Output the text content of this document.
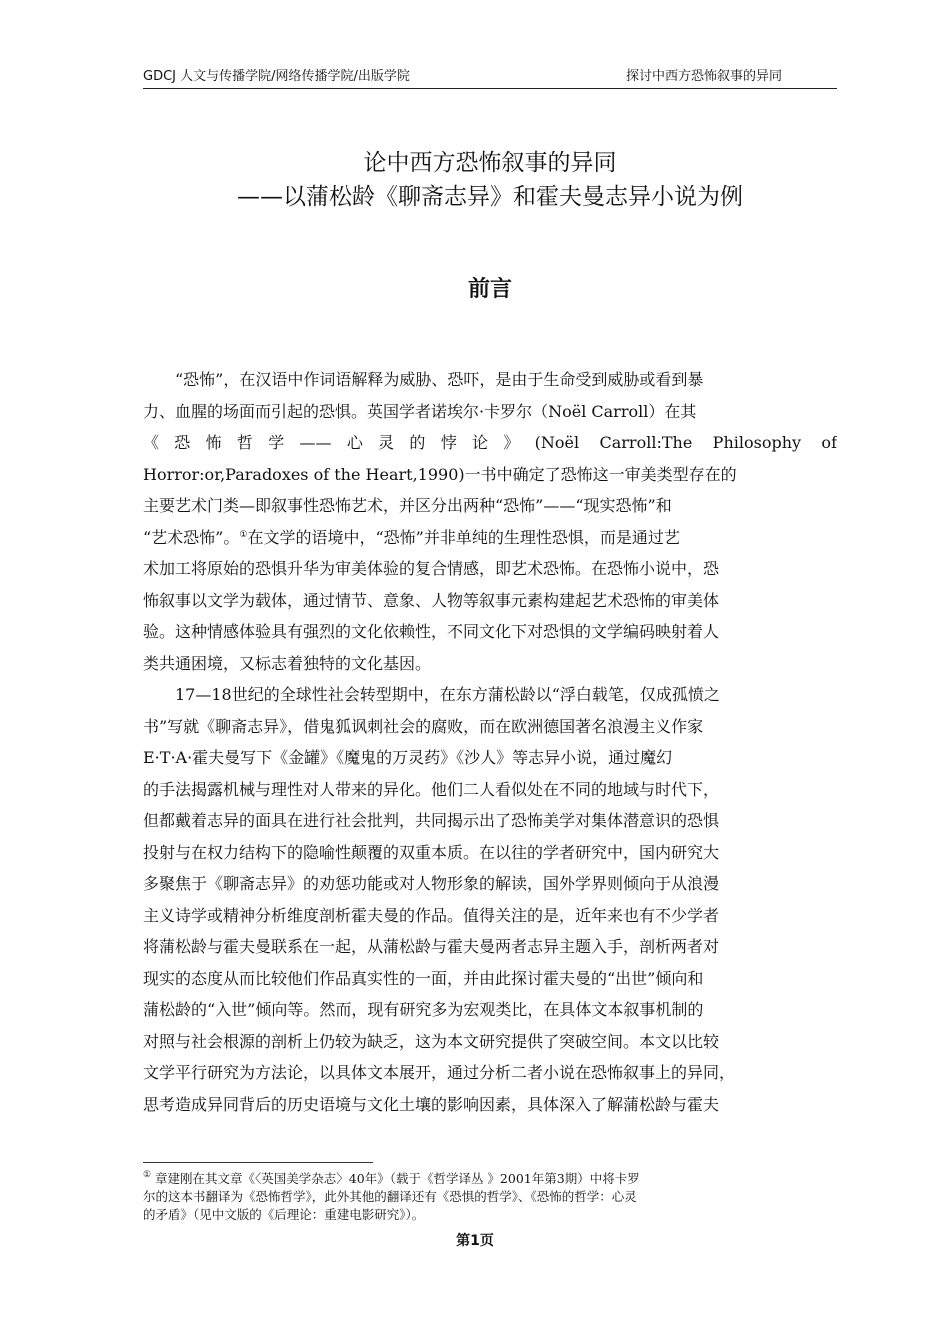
GDCJ 人文与传播学院/网络传播学院/出版学院	探讨中西方恐怖叙事的异同
论中西方恐怖叙事的异同
——以蒲松龄《聊斋志异》和霍夫曼志异小说为例
前言
“恐怖”，在汉语中作词语解释为威胁、恐吓，是由于生命受到威胁或看到暴
力、血腥的场面而引起的恐惧。英国学者诺埃尔·卡罗尔（Noël Carroll）在其
《恐怖哲学——心灵的悖论》(Noël Carroll:The Philosophy of
Horror:or,Paradoxes of the Heart,1990)一书中确定了恐怖这一审美类型存在的
主要艺术门类—即叙事性恐怖艺术，并区分出两种“恐怖”——“现实恐怖”和
“艺术恐怖”。①在文学的语境中，“恐怖”并非单纯的生理性恐惧，而是通过艺
术加工将原始的恐惧升华为审美体验的复合情感，即艺术恐怖。在恐怖小说中，恐
怖叙事以文学为载体，通过情节、意象、人物等叙事元素构建起艺术恐怖的审美体
验。这种情感体验具有强烈的文化依赖性，不同文化下对恐惧的文学编码映射着人
类共通困境，又标志着独特的文化基因。
17—18世纪的全球性社会转型期中，在东方蒲松龄以“浮白载笔，仅成孤愤之
书”写就《聊斋志异》，借鬼狐讽刺社会的腐败，而在欧洲德国著名浪漫主义作家
E·T·A·霍夫曼写下《金罐》《魔鬼的万灵药》《沙人》等志异小说，通过魔幻
的手法揭露机械与理性对人带来的异化。他们二人看似处在不同的地域与时代下，
但都戴着志异的面具在进行社会批判，共同揭示出了恐怖美学对集体潜意识的恐惧
投射与在权力结构下的隐喻性颠覆的双重本质。在以往的学者研究中，国内研究大
多聚焦于《聊斋志异》的劝惩功能或对人物形象的解读，国外学界则倾向于从浪漫
主义诗学或精神分析维度剖析霍夫曼的作品。值得关注的是，近年来也有不少学者
将蒲松龄与霍夫曼联系在一起，从蒲松龄与霍夫曼两者志异主题入手，剖析两者对
现实的态度从而比较他们作品真实性的一面，并由此探讨霍夫曼的“出世”倾向和
蒲松龄的“入世”倾向等。然而，现有研究多为宏观类比，在具体文本叙事机制的
对照与社会根源的剖析上仍较为缺乏，这为本文研究提供了突破空间。本文以比较
文学平行研究为方法论，以具体文本展开，通过分析二者小说在恐怖叙事上的异同，
思考造成异同背后的历史语境与文化土壤的影响因素，具体深入了解蒲松龄与霍夫
① 章建刚在其文章《〈英国美学杂志〉40年》（载于《哲学译丛 》2001年第3期）中将卡罗
尔的这本书翻译为《恐怖哲学》，此外其他的翻译还有《恐惧的哲学》、《恐怖的哲学：心灵
的矛盾》（见中文版的《后理论：重建电影研究》）。
第1页
